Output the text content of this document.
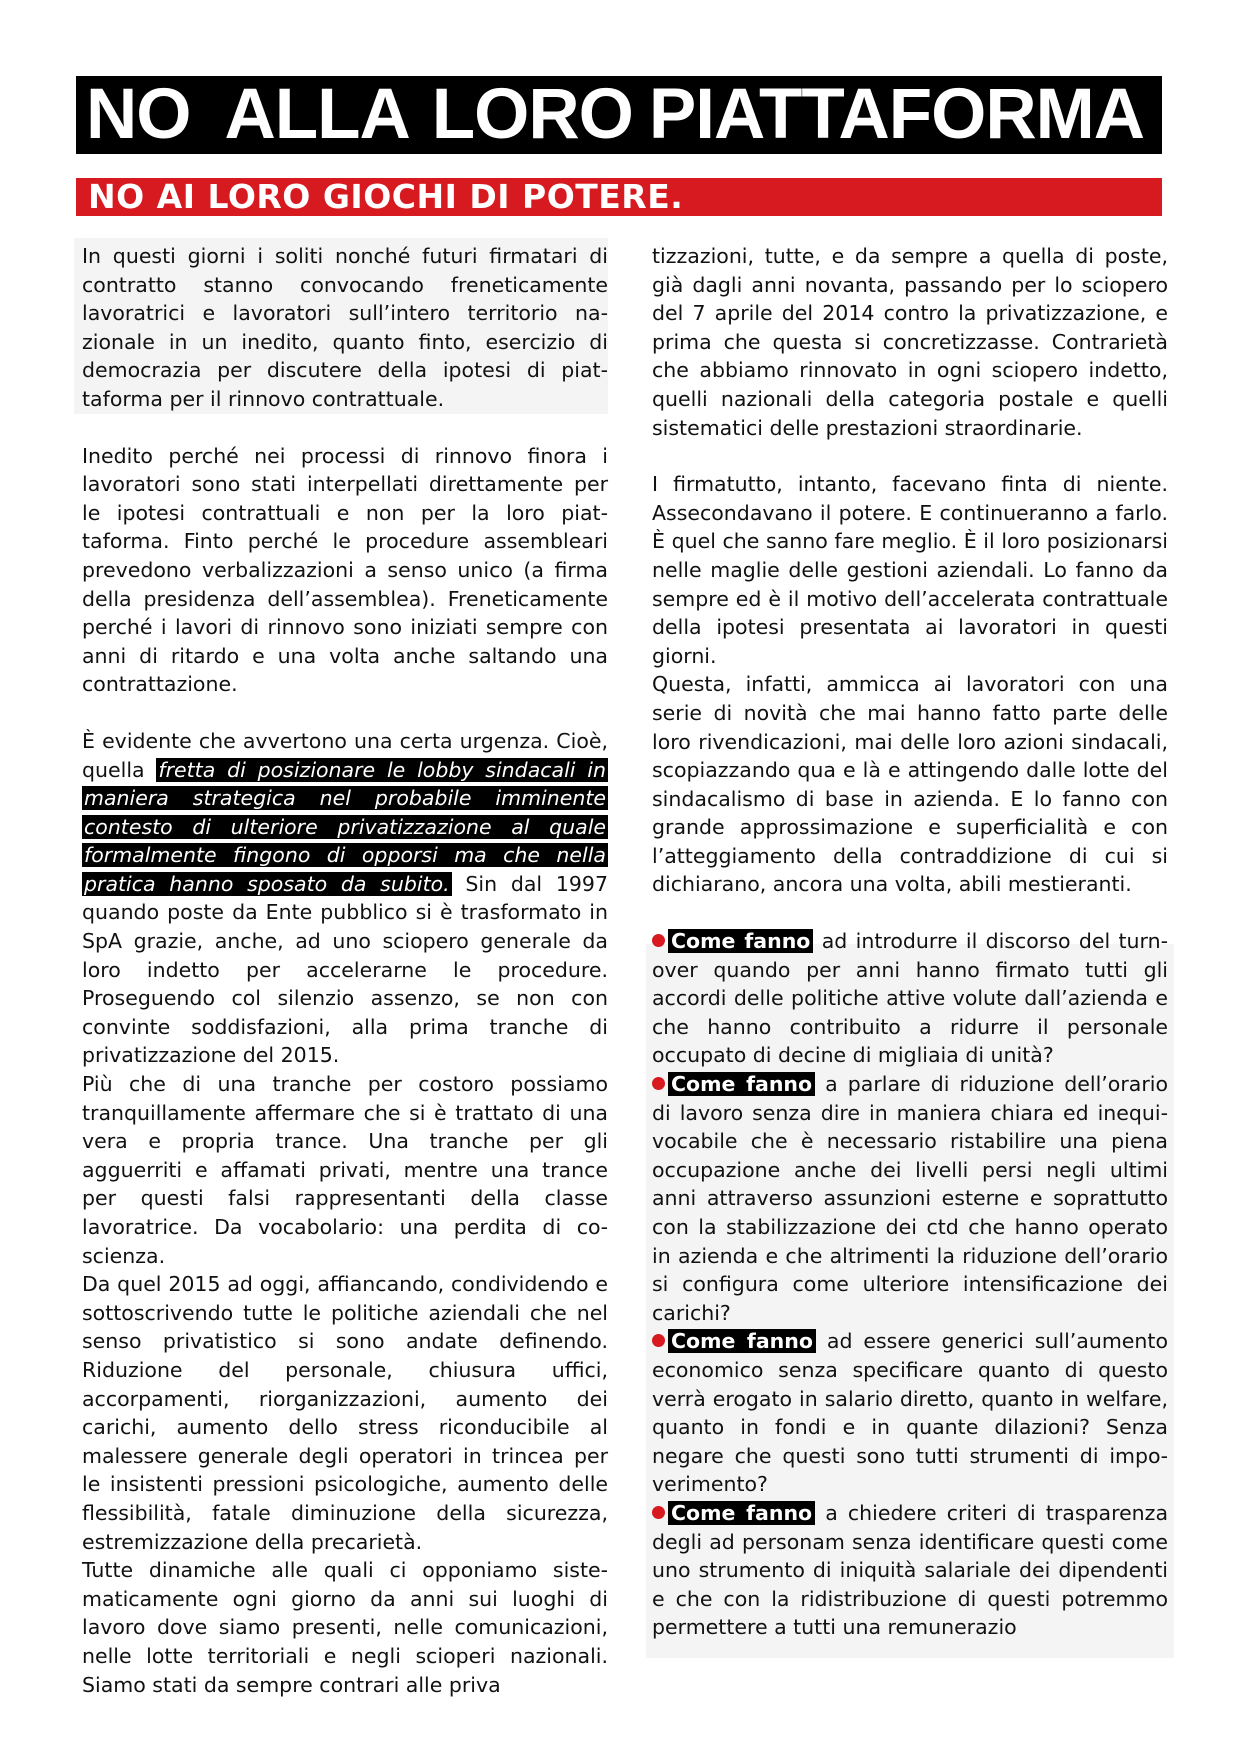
NO ALLA LORO PIATTAFORMA
NO AI LORO GIOCHI DI POTERE.

In questi giorni i soliti nonché futuri firmatari di contratto stanno convocando freneticamente lavoratrici e lavoratori sull’intero territorio nazionale in un inedito, quanto finto, esercizio di democrazia per discutere della ipotesi di piattaforma per il rinnovo contrattuale.

Inedito perché nei processi di rinnovo finora i lavoratori sono stati interpellati direttamente per le ipotesi contrattuali e non per la loro piattaforma. Finto perché le procedure assembleari prevedono verbalizzazioni a senso unico (a firma della presidenza dell’assemblea). Freneticamente perché i lavori di rinnovo sono iniziati sempre con anni di ritardo e una volta anche saltando una contrattazione.

È evidente che avvertono una certa urgenza. Cioè, quella fretta di posizionare le lobby sindacali in maniera strategica nel probabile imminente contesto di ulteriore privatizzazione al quale formalmente fingono di opporsi ma che nella pratica hanno sposato da subito. Sin dal 1997 quando poste da Ente pubblico si è trasformato in SpA grazie, anche, ad uno sciopero generale da loro indetto per accelerarne le procedure. Proseguendo col silenzio assenzo, se non con convinte soddisfazioni, alla prima tranche di privatizzazione del 2015.

Più che di una tranche per costoro possiamo tranquillamente affermare che si è trattato di una vera e propria trance. Una tranche per gli agguerriti e affamati privati, mentre una trance per questi falsi rappresentanti della classe lavoratrice. Da vocabolario: una perdita di coscienza.

Da quel 2015 ad oggi, affiancando, condividendo e sottoscrivendo tutte le politiche aziendali che nel senso privatistico si sono andate definendo. Riduzione del personale, chiusura uffici, accorpamenti, riorganizzazioni, aumento dei carichi, aumento dello stress riconducibile al malessere generale degli operatori in trincea per le insistenti pressioni psicologiche, aumento delle flessibilità, fatale diminuzione della sicurezza, estremizzazione della precarietà.

Tutte dinamiche alle quali ci opponiamo sistematicamente ogni giorno da anni sui luoghi di lavoro dove siamo presenti, nelle comunicazioni, nelle lotte territoriali e negli scioperi nazionali. Siamo stati da sempre contrari alle priva

tizzazioni, tutte, e da sempre a quella di poste, già dagli anni novanta, passando per lo sciopero del 7 aprile del 2014 contro la privatizzazione, e prima che questa si concretizzasse. Contrarietà che abbiamo rinnovato in ogni sciopero indetto, quelli nazionali della categoria postale e quelli sistematici delle prestazioni straordinarie.

I firmatutto, intanto, facevano finta di niente. Assecondavano il potere. E continueranno a farlo. È quel che sanno fare meglio. È il loro posizionarsi nelle maglie delle gestioni aziendali. Lo fanno da sempre ed è il motivo dell’accelerata contrattuale della ipotesi presentata ai lavoratori in questi giorni.

Questa, infatti, ammicca ai lavoratori con una serie di novità che mai hanno fatto parte delle loro rivendicazioni, mai delle loro azioni sindacali, scopiazzando qua e là e attingendo dalle lotte del sindacalismo di base in azienda. E lo fanno con grande approssimazione e superficialità e con l’atteggiamento della contraddizione di cui si dichiarano, ancora una volta, abili mestieranti.

Come fanno ad introdurre il discorso del turn-over quando per anni hanno firmato tutti gli accordi delle politiche attive volute dall’azienda e che hanno contribuito a ridurre il personale occupato di decine di migliaia di unità?

Come fanno a parlare di riduzione dell’orario di lavoro senza dire in maniera chiara ed inequivocabile che è necessario ristabilire una piena occupazione anche dei livelli persi negli ultimi anni attraverso assunzioni esterne e soprattutto con la stabilizzazione dei ctd che hanno operato in azienda e che altrimenti la riduzione dell’orario si configura come ulteriore intensificazione dei carichi?

Come fanno ad essere generici sull’aumento economico senza specificare quanto di questo verrà erogato in salario diretto, quanto in welfare, quanto in fondi e in quante dilazioni? Senza negare che questi sono tutti strumenti di impoverimento?

Come fanno a chiedere criteri di trasparenza degli ad personam senza identificare questi come uno strumento di iniquità salariale dei dipendenti e che con la ridistribuzione di questi potremmo permettere a tutti una remunerazio
